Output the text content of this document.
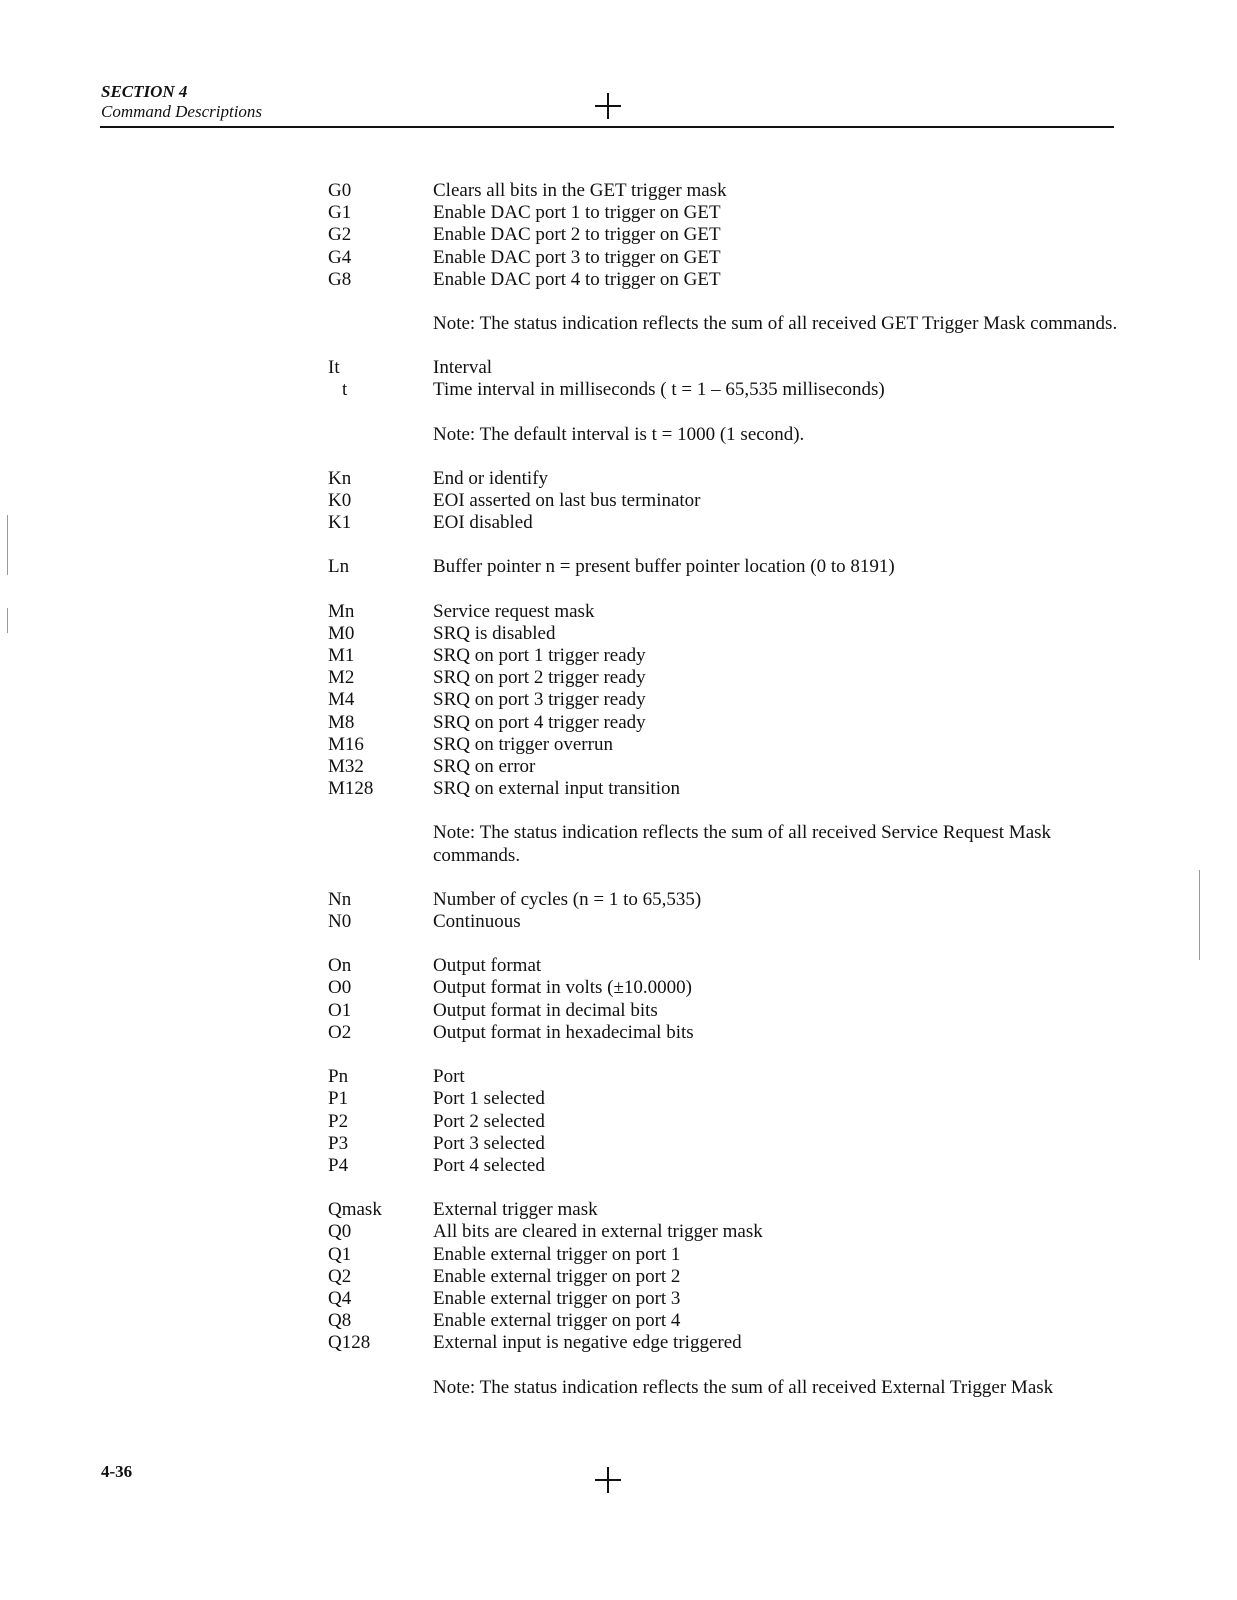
SECTION 4
Command Descriptions
G0	Clears all bits in the GET trigger mask
G1	Enable DAC port 1 to trigger on GET
G2	Enable DAC port 2 to trigger on GET
G4	Enable DAC port 3 to trigger on GET
G8	Enable DAC port 4 to trigger on GET
Note: The status indication reflects the sum of all received GET Trigger Mask commands.
It	Interval
t	Time interval in milliseconds ( t = 1 – 65,535 milliseconds)
Note: The default interval is t = 1000 (1 second).
Kn	End or identify
K0	EOI asserted on last bus terminator
K1	EOI disabled
Ln	Buffer pointer n = present buffer pointer location (0 to 8191)
Mn	Service request mask
M0	SRQ is disabled
M1	SRQ on port 1 trigger ready
M2	SRQ on port 2 trigger ready
M4	SRQ on port 3 trigger ready
M8	SRQ on port 4 trigger ready
M16	SRQ on trigger overrun
M32	SRQ on error
M128	SRQ on external input transition
Note: The status indication reflects the sum of all received Service Request Mask commands.
Nn	Number of cycles (n = 1 to 65,535)
N0	Continuous
On	Output format
O0	Output format in volts (±10.0000)
O1	Output format in decimal bits
O2	Output format in hexadecimal bits
Pn	Port
P1	Port 1 selected
P2	Port 2 selected
P3	Port 3 selected
P4	Port 4 selected
Qmask	External trigger mask
Q0	All bits are cleared in external trigger mask
Q1	Enable external trigger on port 1
Q2	Enable external trigger on port 2
Q4	Enable external trigger on port 3
Q8	Enable external trigger on port 4
Q128	External input is negative edge triggered
Note: The status indication reflects the sum of all received External Trigger Mask
4-36
